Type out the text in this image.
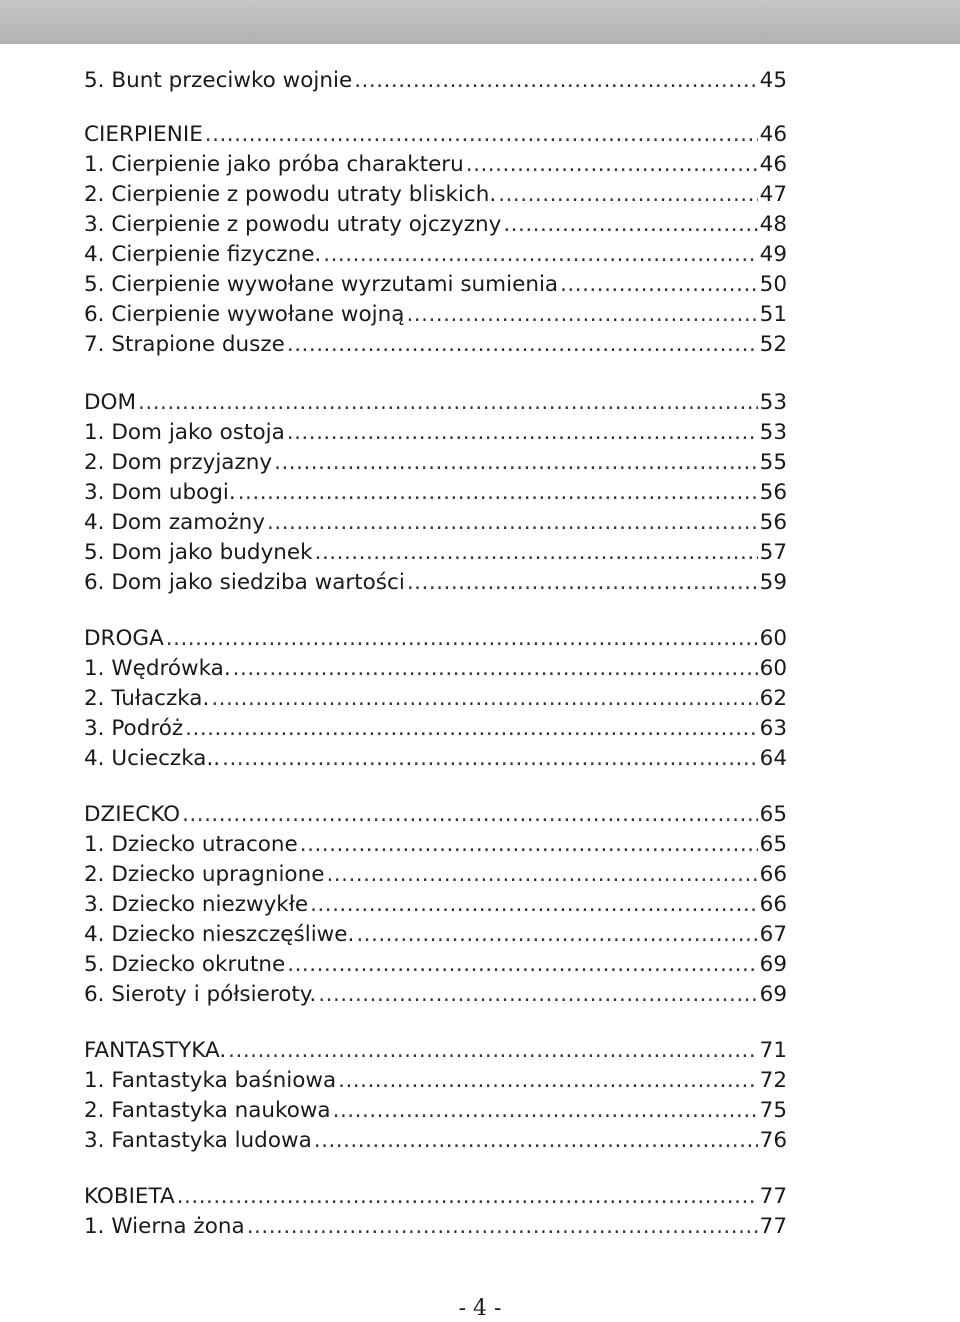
5. Bunt przeciwko wojnie .....	45
CIERPIENIE .....	46
1. Cierpienie jako próba charakteru .....	46
2. Cierpienie z powodu utraty bliskich. .....	47
3. Cierpienie z powodu utraty ojczyzny .....	48
4. Cierpienie fizyczne. .....	49
5. Cierpienie wywołane wyrzutami sumienia .....	50
6. Cierpienie wywołane wojną .....	51
7. Strapione dusze .....	52
DOM .....	53
1. Dom jako ostoja .....	53
2. Dom przyjazny .....	55
3. Dom ubogi. .....	56
4. Dom zamożny .....	56
5. Dom jako budynek .....	57
6. Dom jako siedziba wartości .....	59
DROGA .....	60
1. Wędrówka. .....	60
2. Tułaczka. .....	62
3. Podróż .....	63
4. Ucieczka.. .....	64
DZIECKO .....	65
1. Dziecko utracone .....	65
2. Dziecko upragnione .....	66
3. Dziecko niezwykłe .....	66
4. Dziecko nieszczęśliwe. .....	67
5. Dziecko okrutne .....	69
6. Sieroty i półsieroty. .....	69
FANTASTYKA. .....	71
1. Fantastyka baśniowa .....	72
2. Fantastyka naukowa .....	75
3. Fantastyka ludowa .....	76
KOBIETA .....	77
1. Wierna żona .....	77
- 4 -
